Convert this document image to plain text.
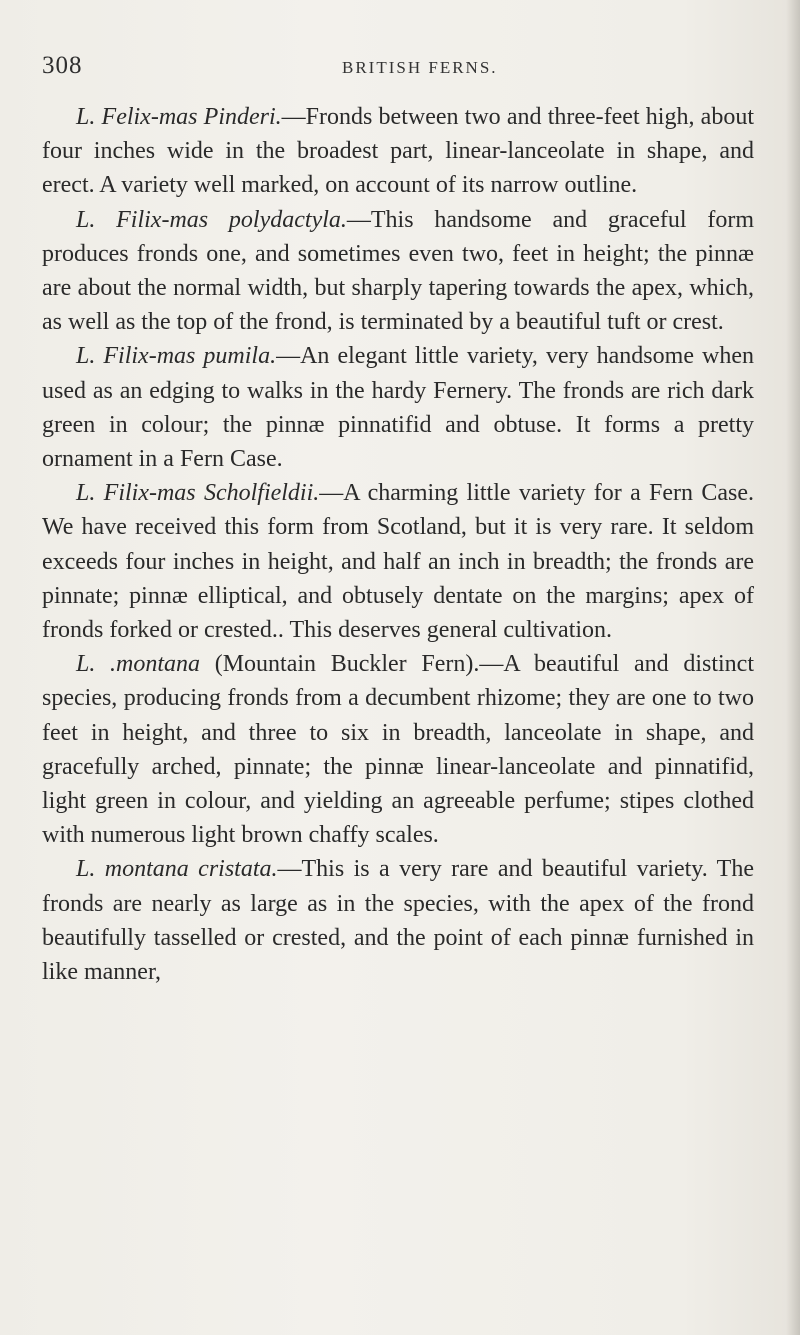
308	BRITISH FERNS.

L. Felix-mas Pinderi.—Fronds between two and three-feet high, about four inches wide in the broadest part, linear-lanceolate in shape, and erect. A variety well marked, on account of its narrow outline.

L. Filix-mas polydactyla.—This handsome and graceful form produces fronds one, and sometimes even two, feet in height; the pinnæ are about the normal width, but sharply tapering towards the apex, which, as well as the top of the frond, is terminated by a beautiful tuft or crest.

L. Filix-mas pumila.—An elegant little variety, very handsome when used as an edging to walks in the hardy Fernery. The fronds are rich dark green in colour; the pinnæ pinnatifid and obtuse. It forms a pretty ornament in a Fern Case.

L. Filix-mas Scholfieldii.—A charming little variety for a Fern Case. We have received this form from Scotland, but it is very rare. It seldom exceeds four inches in height, and half an inch in breadth; the fronds are pinnate; pinnæ elliptical, and obtusely dentate on the margins; apex of fronds forked or crested.. This deserves general cultivation.

L. .montana (Mountain Buckler Fern).—A beautiful and distinct species, producing fronds from a decumbent rhizome; they are one to two feet in height, and three to six in breadth, lanceolate in shape, and gracefully arched, pinnate; the pinnæ linear-lanceolate and pinnatifid, light green in colour, and yielding an agreeable perfume; stipes clothed with numerous light brown chaffy scales.

L. montana cristata.—This is a very rare and beautiful variety. The fronds are nearly as large as in the species, with the apex of the frond beautifully tasselled or crested, and the point of each pinnæ furnished in like manner,
